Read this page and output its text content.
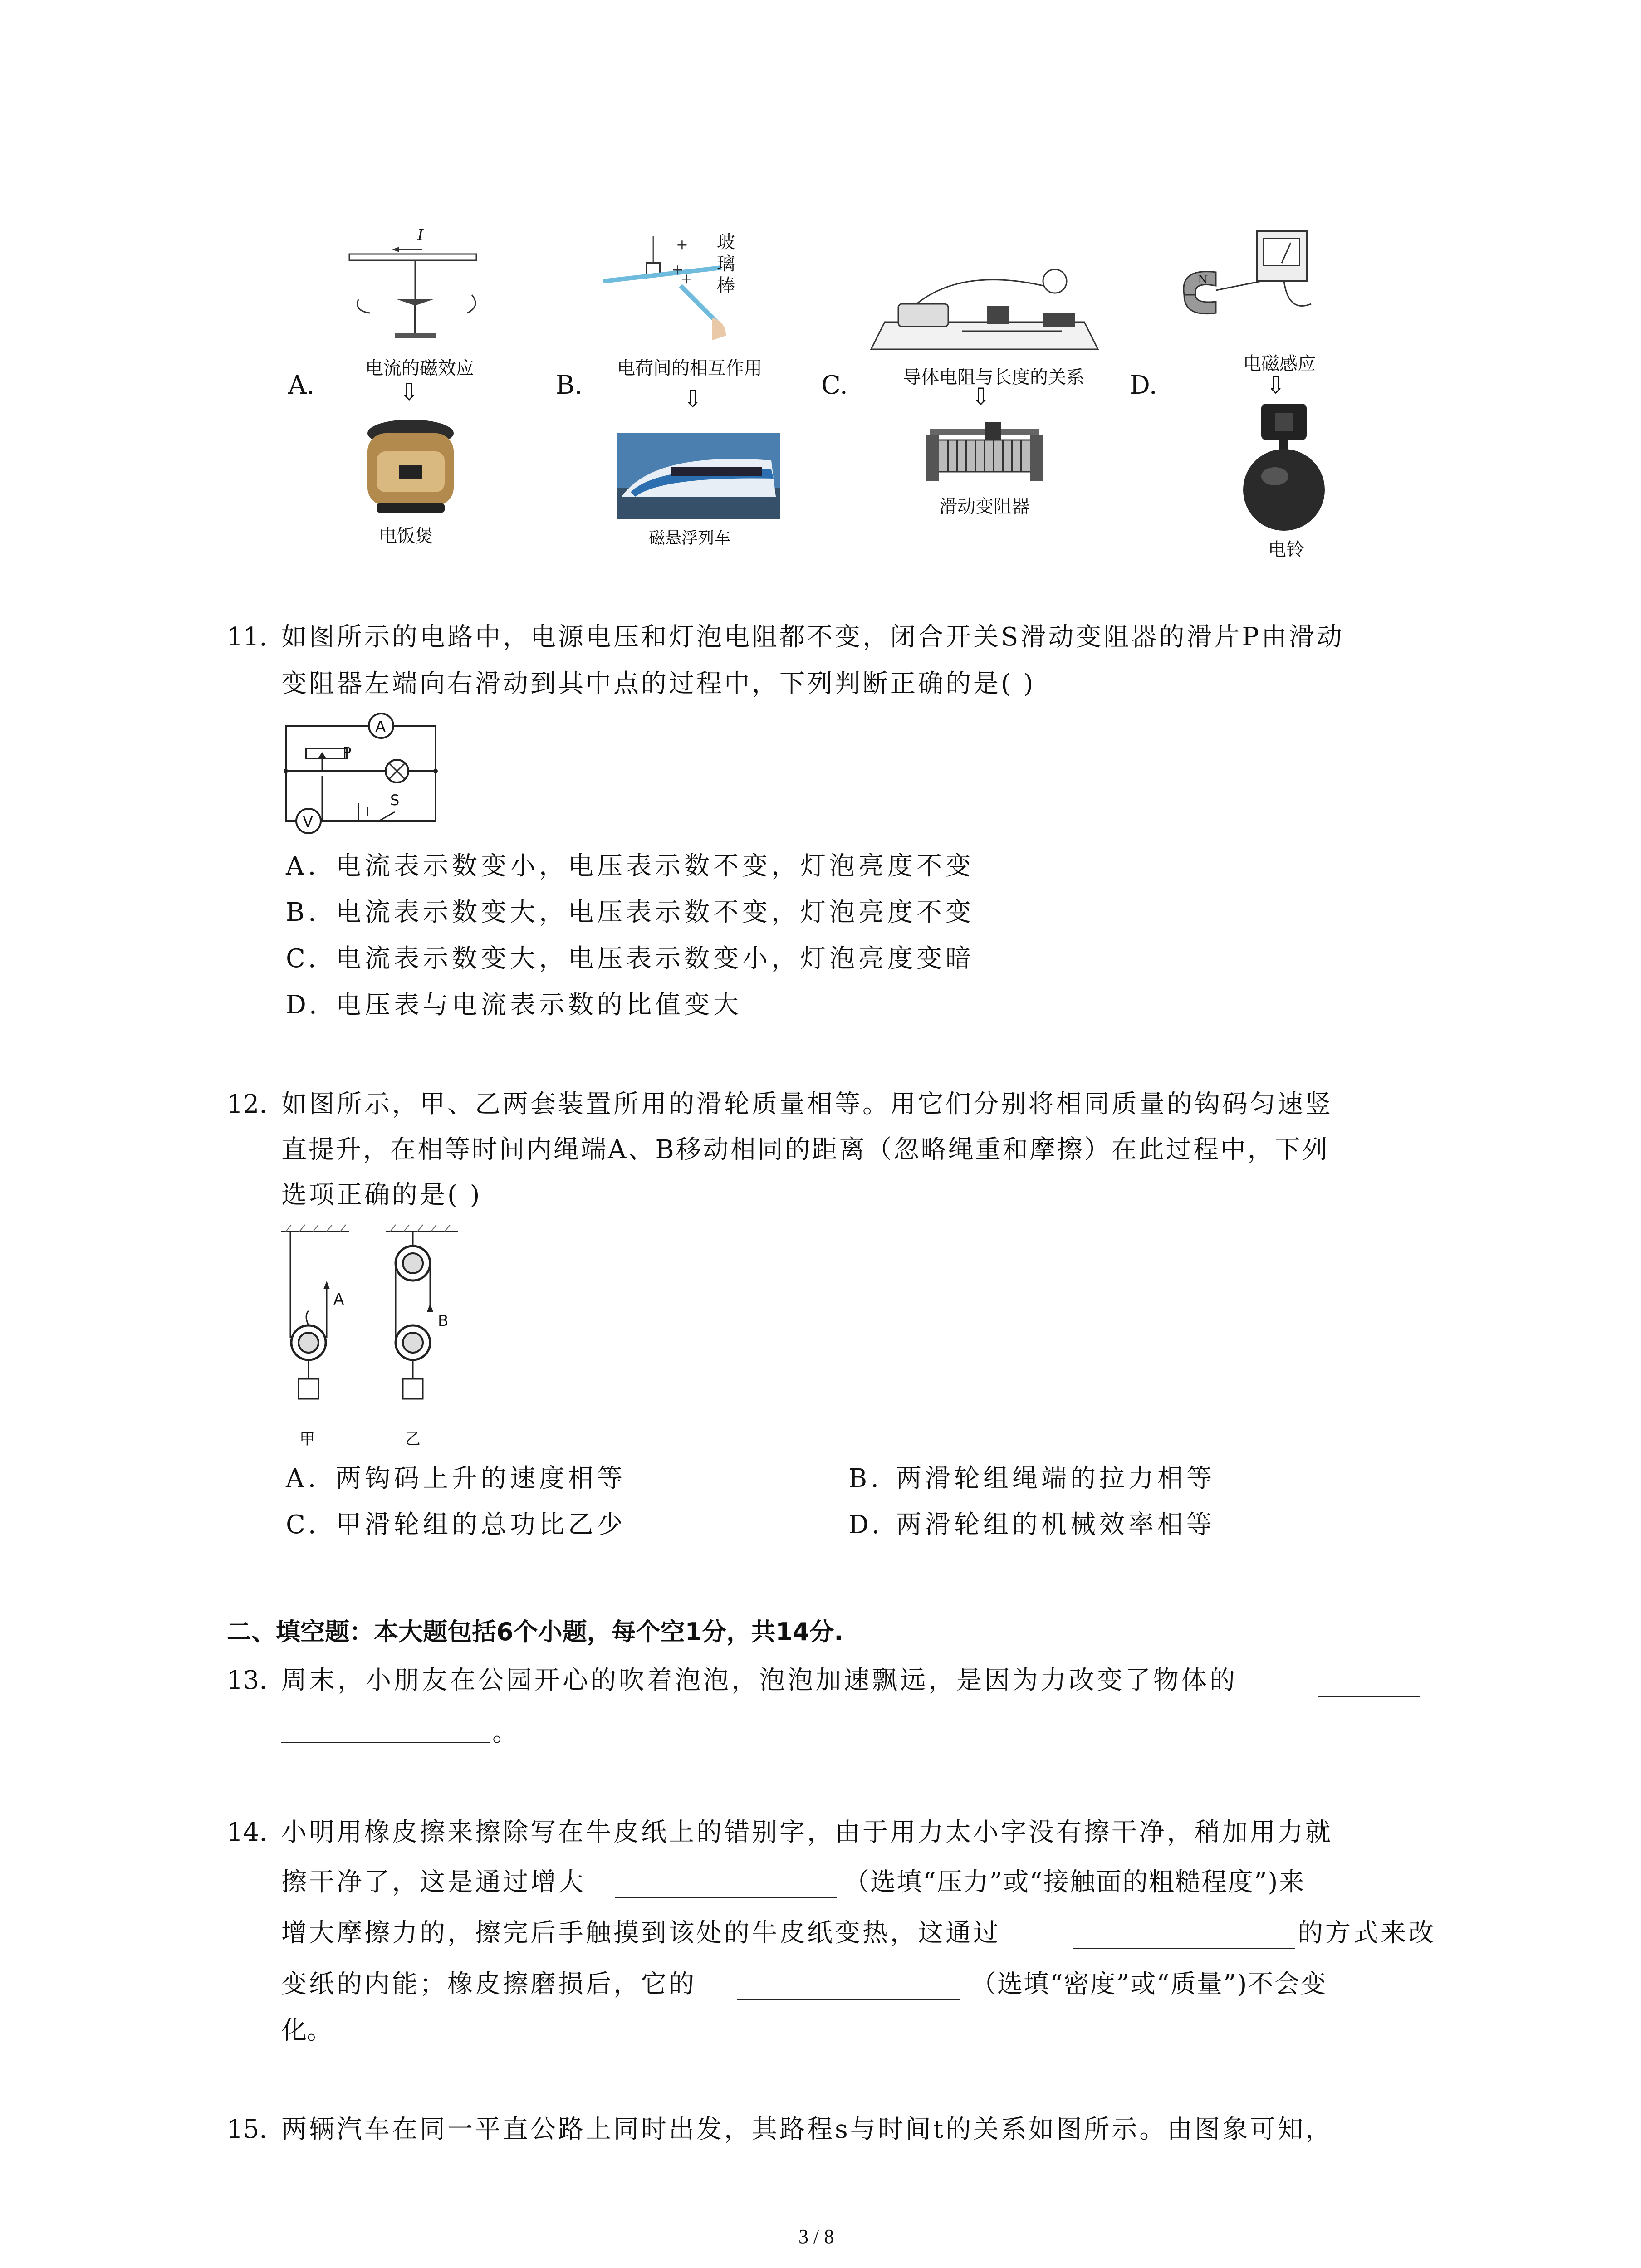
A.
I
电流的磁效应
⇩
电饭煲
B.
+
+
+
玻璃棒
电荷间的相互作用
⇩
磁悬浮列车
C.	导体电阻与长度的关系
⇩
滑动变阻器
D.
N
电磁感应
⇩
电铃
11. 如图所示的电路中，电源电压和灯泡电阻都不变，闭合开关S滑动变阻器的滑片P由滑动
变阻器左端向右滑动到其中点的过程中，下列判断正确的是( )
A
V
P
S
A. 电流表示数变小，电压表示数不变，灯泡亮度不变
B. 电流表示数变大，电压表示数不变，灯泡亮度不变
C. 电流表示数变大，电压表示数变小，灯泡亮度变暗
D. 电压表与电流表示数的比值变大
12. 如图所示，甲、乙两套装置所用的滑轮质量相等。用它们分别将相同质量的钩码匀速竖
直提升，在相等时间内绳端A、B移动相同的距离（忽略绳重和摩擦）在此过程中，下列
选项正确的是( )
A
B
甲	乙
A. 两钩码上升的速度相等	B. 两滑轮组绳端的拉力相等
C. 甲滑轮组的总功比乙少	D. 两滑轮组的机械效率相等
二、填空题：本大题包括6个小题，每个空1分，共14分.
13. 周末，小朋友在公园开心的吹着泡泡，泡泡加速飘远，是因为力改变了物体的
。
14. 小明用橡皮擦来擦除写在牛皮纸上的错别字，由于用力太小字没有擦干净，稍加用力就
擦干净了，这是通过增大	（选填“压力”或“接触面的粗糙程度”)来
增大摩擦力的，擦完后手触摸到该处的牛皮纸变热，这通过	的方式来改
变纸的内能；橡皮擦磨损后，它的	（选填“密度”或“质量”)不会变
化。
15. 两辆汽车在同一平直公路上同时出发，其路程s与时间t的关系如图所示。由图象可知，
3 / 8
